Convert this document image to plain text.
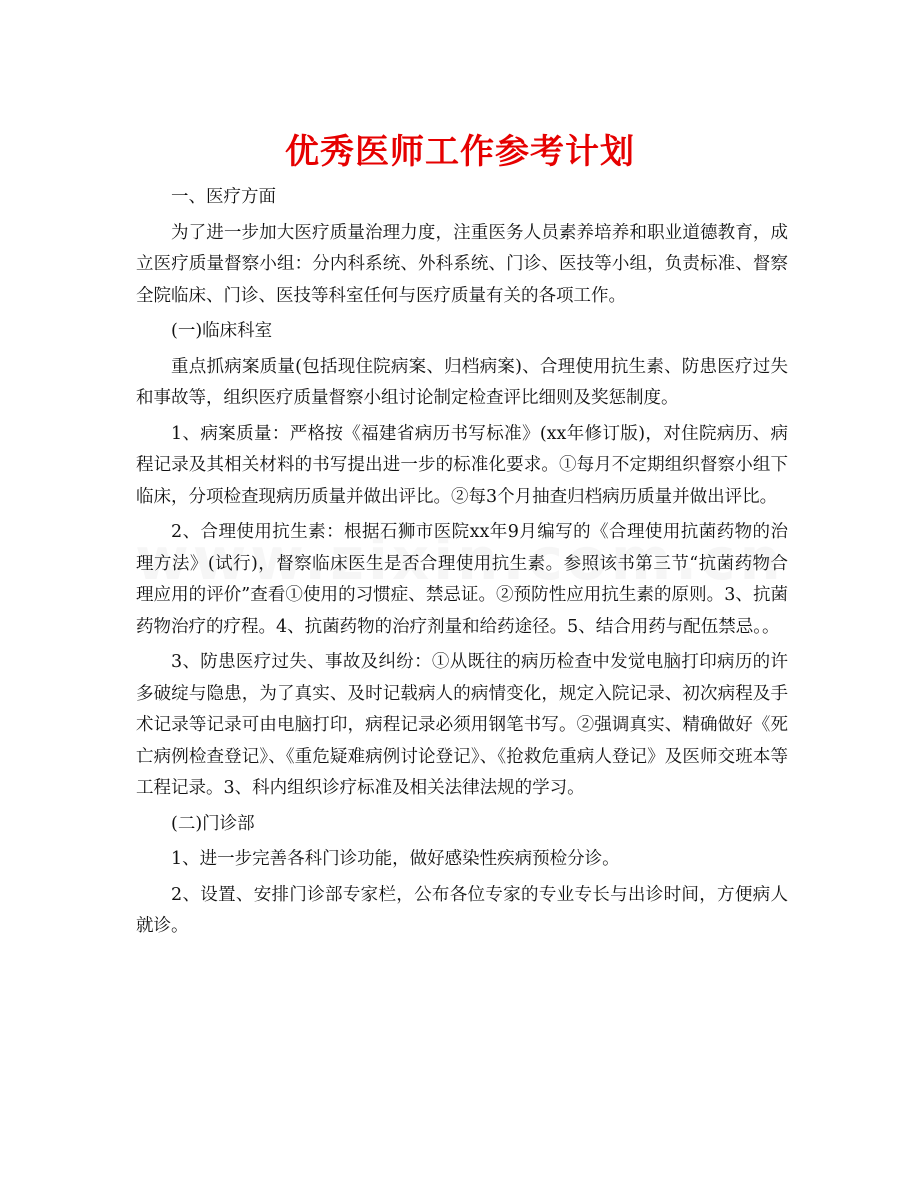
优秀医师工作参考计划

一、医疗方面

为了进一步加大医疗质量治理力度，注重医务人员素养培养和职业道德教育，成立医疗质量督察小组：分内科系统、外科系统、门诊、医技等小组，负责标准、督察全院临床、门诊、医技等科室任何与医疗质量有关的各项工作。

(一)临床科室

重点抓病案质量(包括现住院病案、归档病案)、合理使用抗生素、防患医疗过失和事故等，组织医疗质量督察小组讨论制定检查评比细则及奖惩制度。

1、病案质量：严格按《福建省病历书写标准》(xx年修订版)，对住院病历、病程记录及其相关材料的书写提出进一步的标准化要求。①每月不定期组织督察小组下临床，分项检查现病历质量并做出评比。②每3个月抽查归档病历质量并做出评比。

2、合理使用抗生素：根据石狮市医院xx年9月编写的《合理使用抗菌药物的治理方法》(试行)，督察临床医生是否合理使用抗生素。参照该书第三节“抗菌药物合理应用的评价”查看①使用的习惯症、禁忌证。②预防性应用抗生素的原则。3、抗菌药物治疗的疗程。4、抗菌药物的治疗剂量和给药途径。5、结合用药与配伍禁忌。。

3、防患医疗过失、事故及纠纷：①从既往的病历检查中发觉电脑打印病历的许多破绽与隐患，为了真实、及时记载病人的病情变化，规定入院记录、初次病程及手术记录等记录可由电脑打印，病程记录必须用钢笔书写。②强调真实、精确做好《死亡病例检查登记》、《重危疑难病例讨论登记》、《抢救危重病人登记》及医师交班本等工程记录。3、科内组织诊疗标准及相关法律法规的学习。

(二)门诊部

1、进一步完善各科门诊功能，做好感染性疾病预检分诊。

2、设置、安排门诊部专家栏，公布各位专家的专业专长与出诊时间，方便病人就诊。
